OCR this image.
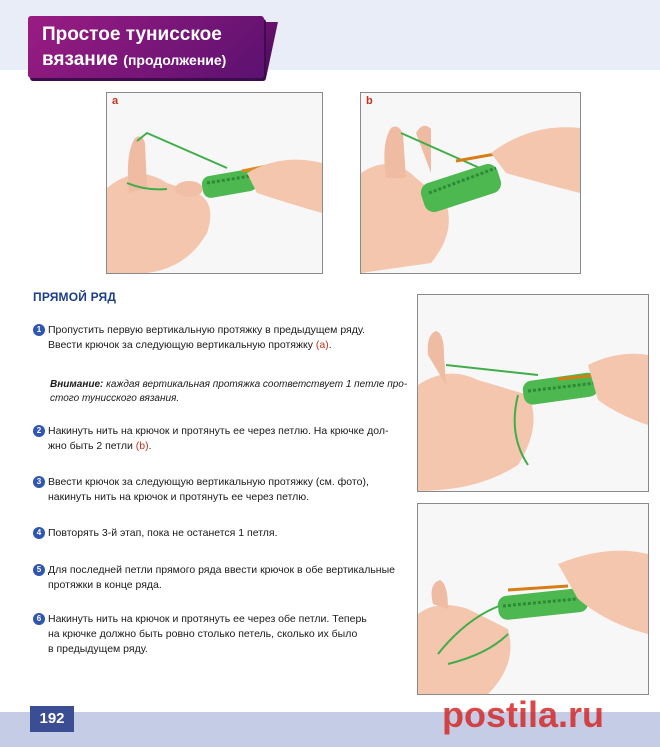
Простое тунисское
вязание (продолжение)
a	b
ПРЯМОЙ РЯД
1 Пропустить первую вертикальную протяжку в предыдущем ряду.
Ввести крючок за следующую вертикальную протяжку (a).
Внимание: каждая вертикальная протяжка соответствует 1 петле про-
стого тунисского вязания.
2 Накинуть нить на крючок и протянуть ее через петлю. На крючке дол-
жно быть 2 петли (b).
3 Ввести крючок за следующую вертикальную протяжку (см. фото),
накинуть нить на крючок и протянуть ее через петлю.
4 Повторять 3-й этап, пока не останется 1 петля.
5 Для последней петли прямого ряда ввести крючок в обе вертикальные
протяжки в конце ряда.
6 Накинуть нить на крючок и протянуть ее через обе петли. Теперь
на крючке должно быть ровно столько петель, сколько их было
в предыдущем ряду.
192	postila.ru
